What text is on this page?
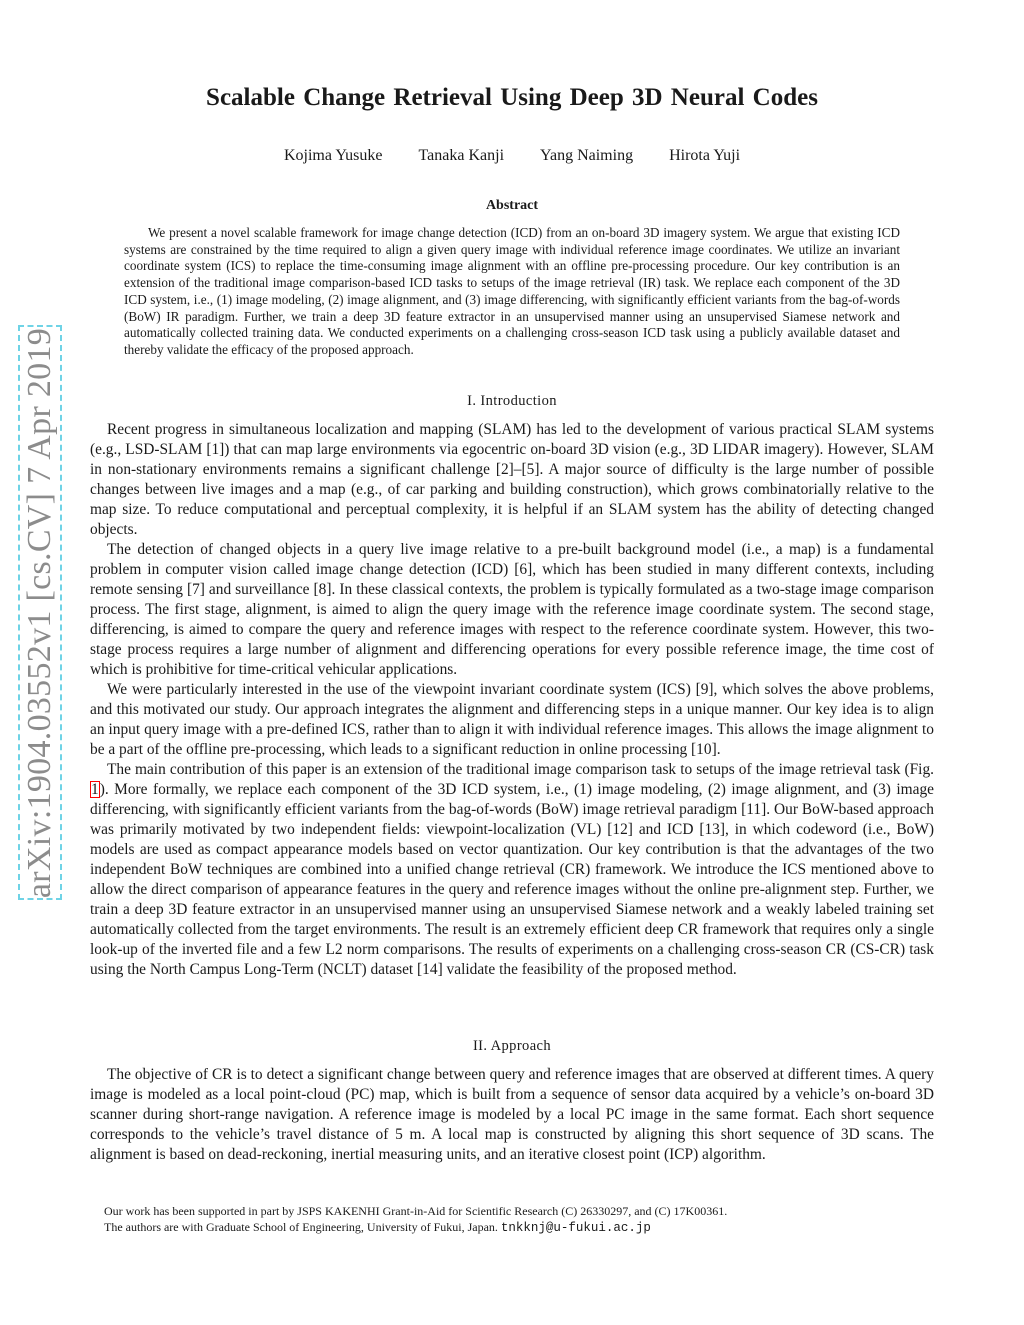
arXiv:1904.03552v1 [cs.CV] 7 Apr 2019
Scalable Change Retrieval Using Deep 3D Neural Codes
Kojima Yusuke Tanaka Kanji Yang Naiming Hirota Yuji
Abstract

We present a novel scalable framework for image change detection (ICD) from an on-board 3D imagery system. We argue that existing ICD systems are constrained by the time required to align a given query image with individual reference image coordinates. We utilize an invariant coordinate system (ICS) to replace the time-consuming image alignment with an offline pre-processing procedure. Our key contribution is an extension of the traditional image comparison-based ICD tasks to setups of the image retrieval (IR) task. We replace each component of the 3D ICD system, i.e., (1) image modeling, (2) image alignment, and (3) image differencing, with significantly efficient variants from the bag-of-words (BoW) IR paradigm. Further, we train a deep 3D feature extractor in an unsupervised manner using an unsupervised Siamese network and automatically collected training data. We conducted experiments on a challenging cross-season ICD task using a publicly available dataset and thereby validate the efficacy of the proposed approach.

I. Introduction

Recent progress in simultaneous localization and mapping (SLAM) has led to the development of various practical SLAM systems (e.g., LSD-SLAM [1]) that can map large environments via egocentric on-board 3D vision (e.g., 3D LIDAR imagery). However, SLAM in non-stationary environments remains a significant challenge [2]–[5]. A major source of difficulty is the large number of possible changes between live images and a map (e.g., of car parking and building construction), which grows combinatorially relative to the map size. To reduce computational and perceptual complexity, it is helpful if an SLAM system has the ability of detecting changed objects.

The detection of changed objects in a query live image relative to a pre-built background model (i.e., a map) is a fundamental problem in computer vision called image change detection (ICD) [6], which has been studied in many different contexts, including remote sensing [7] and surveillance [8]. In these classical contexts, the problem is typically formulated as a two-stage image comparison process. The first stage, alignment, is aimed to align the query image with the reference image coordinate system. The second stage, differencing, is aimed to compare the query and reference images with respect to the reference coordinate system. However, this two-stage process requires a large number of alignment and differencing operations for every possible reference image, the time cost of which is prohibitive for time-critical vehicular applications.

We were particularly interested in the use of the viewpoint invariant coordinate system (ICS) [9], which solves the above problems, and this motivated our study. Our approach integrates the alignment and differencing steps in a unique manner. Our key idea is to align an input query image with a pre-defined ICS, rather than to align it with individual reference images. This allows the image alignment to be a part of the offline pre-processing, which leads to a significant reduction in online processing [10].

The main contribution of this paper is an extension of the traditional image comparison task to setups of the image retrieval task (Fig. 1). More formally, we replace each component of the 3D ICD system, i.e., (1) image modeling, (2) image alignment, and (3) image differencing, with significantly efficient variants from the bag-of-words (BoW) image retrieval paradigm [11]. Our BoW-based approach was primarily motivated by two independent fields: viewpoint-localization (VL) [12] and ICD [13], in which codeword (i.e., BoW) models are used as compact appearance models based on vector quantization. Our key contribution is that the advantages of the two independent BoW techniques are combined into a unified change retrieval (CR) framework. We introduce the ICS mentioned above to allow the direct comparison of appearance features in the query and reference images without the online pre-alignment step. Further, we train a deep 3D feature extractor in an unsupervised manner using an unsupervised Siamese network and a weakly labeled training set automatically collected from the target environments. The result is an extremely efficient deep CR framework that requires only a single look-up of the inverted file and a few L2 norm comparisons. The results of experiments on a challenging cross-season CR (CS-CR) task using the North Campus Long-Term (NCLT) dataset [14] validate the feasibility of the proposed method.

II. Approach

The objective of CR is to detect a significant change between query and reference images that are observed at different times. A query image is modeled as a local point-cloud (PC) map, which is built from a sequence of sensor data acquired by a vehicle’s on-board 3D scanner during short-range navigation. A reference image is modeled by a local PC image in the same format. Each short sequence corresponds to the vehicle’s travel distance of 5 m. A local map is constructed by aligning this short sequence of 3D scans. The alignment is based on dead-reckoning, inertial measuring units, and an iterative closest point (ICP) algorithm.

Our work has been supported in part by JSPS KAKENHI Grant-in-Aid for Scientific Research (C) 26330297, and (C) 17K00361.

The authors are with Graduate School of Engineering, University of Fukui, Japan. tnkknj@u-fukui.ac.jp
